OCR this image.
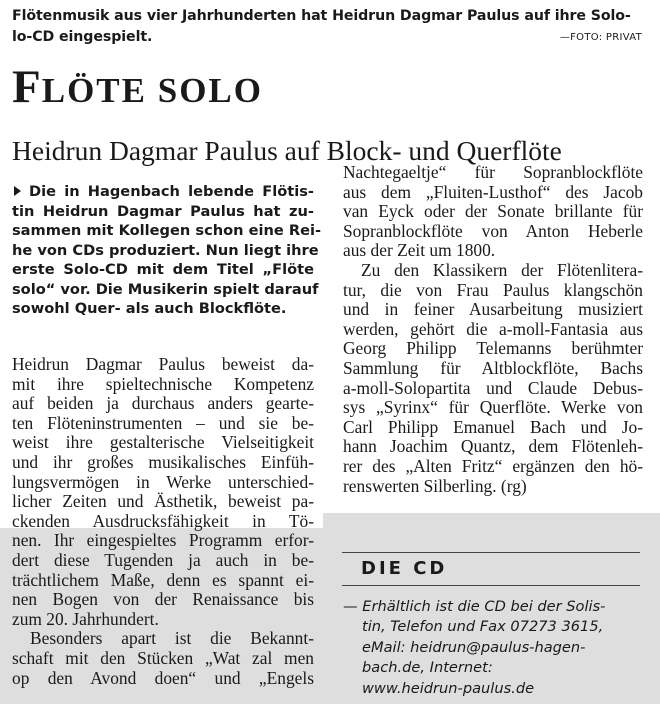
Flötenmusik aus vier Jahrhunderten hat Heidrun Dagmar Paulus auf ihre Solo-
lo-CD eingespielt.	—FOTO: PRIVAT
FLÖTE SOLO
Heidrun Dagmar Paulus auf Block- und Querflöte
Die in Hagenbach lebende Flötis-
tin Heidrun Dagmar Paulus hat zu-
sammen mit Kollegen schon eine Rei-
he von CDs produziert. Nun liegt ihre
erste Solo-CD mit dem Titel „Flöte
solo“ vor. Die Musikerin spielt darauf
sowohl Quer- als auch Blockflöte.
Heidrun Dagmar Paulus beweist da-
mit ihre spieltechnische Kompetenz
auf beiden ja durchaus anders gearte-
ten Flöteninstrumenten – und sie be-
weist ihre gestalterische Vielseitigkeit
und ihr großes musikalisches Einfüh-
lungsvermögen in Werke unterschied-
licher Zeiten und Ästhetik, beweist pa-
ckenden Ausdrucksfähigkeit in Tö-
nen. Ihr eingespieltes Programm erfor-
dert diese Tugenden ja auch in be-
trächtlichem Maße, denn es spannt ei-
nen Bogen von der Renaissance bis
zum 20. Jahrhundert.
Besonders apart ist die Bekannt-
schaft mit den Stücken „Wat zal men
op den Avond doen“ und „Engels
Nachtegaeltje“ für Sopranblockflöte
aus dem „Fluiten-Lusthof“ des Jacob
van Eyck oder der Sonate brillante für
Sopranblockflöte von Anton Heberle
aus der Zeit um 1800.
Zu den Klassikern der Flötenlitera-
tur, die von Frau Paulus klangschön
und in feiner Ausarbeitung musiziert
werden, gehört die a-moll-Fantasia aus
Georg Philipp Telemanns berühmter
Sammlung für Altblockflöte, Bachs
a-moll-Solopartita und Claude Debus-
sys „Syrinx“ für Querflöte. Werke von
Carl Philipp Emanuel Bach und Jo-
hann Joachim Quantz, dem Flötenleh-
rer des „Alten Fritz“ ergänzen den hö-
renswerten Silberling. (rg)
DIE CD
— Erhältlich ist die CD bei der Solis-
tin, Telefon und Fax 07273 3615,
eMail: heidrun@paulus-hagen-
bach.de, Internet:
www.heidrun-paulus.de
